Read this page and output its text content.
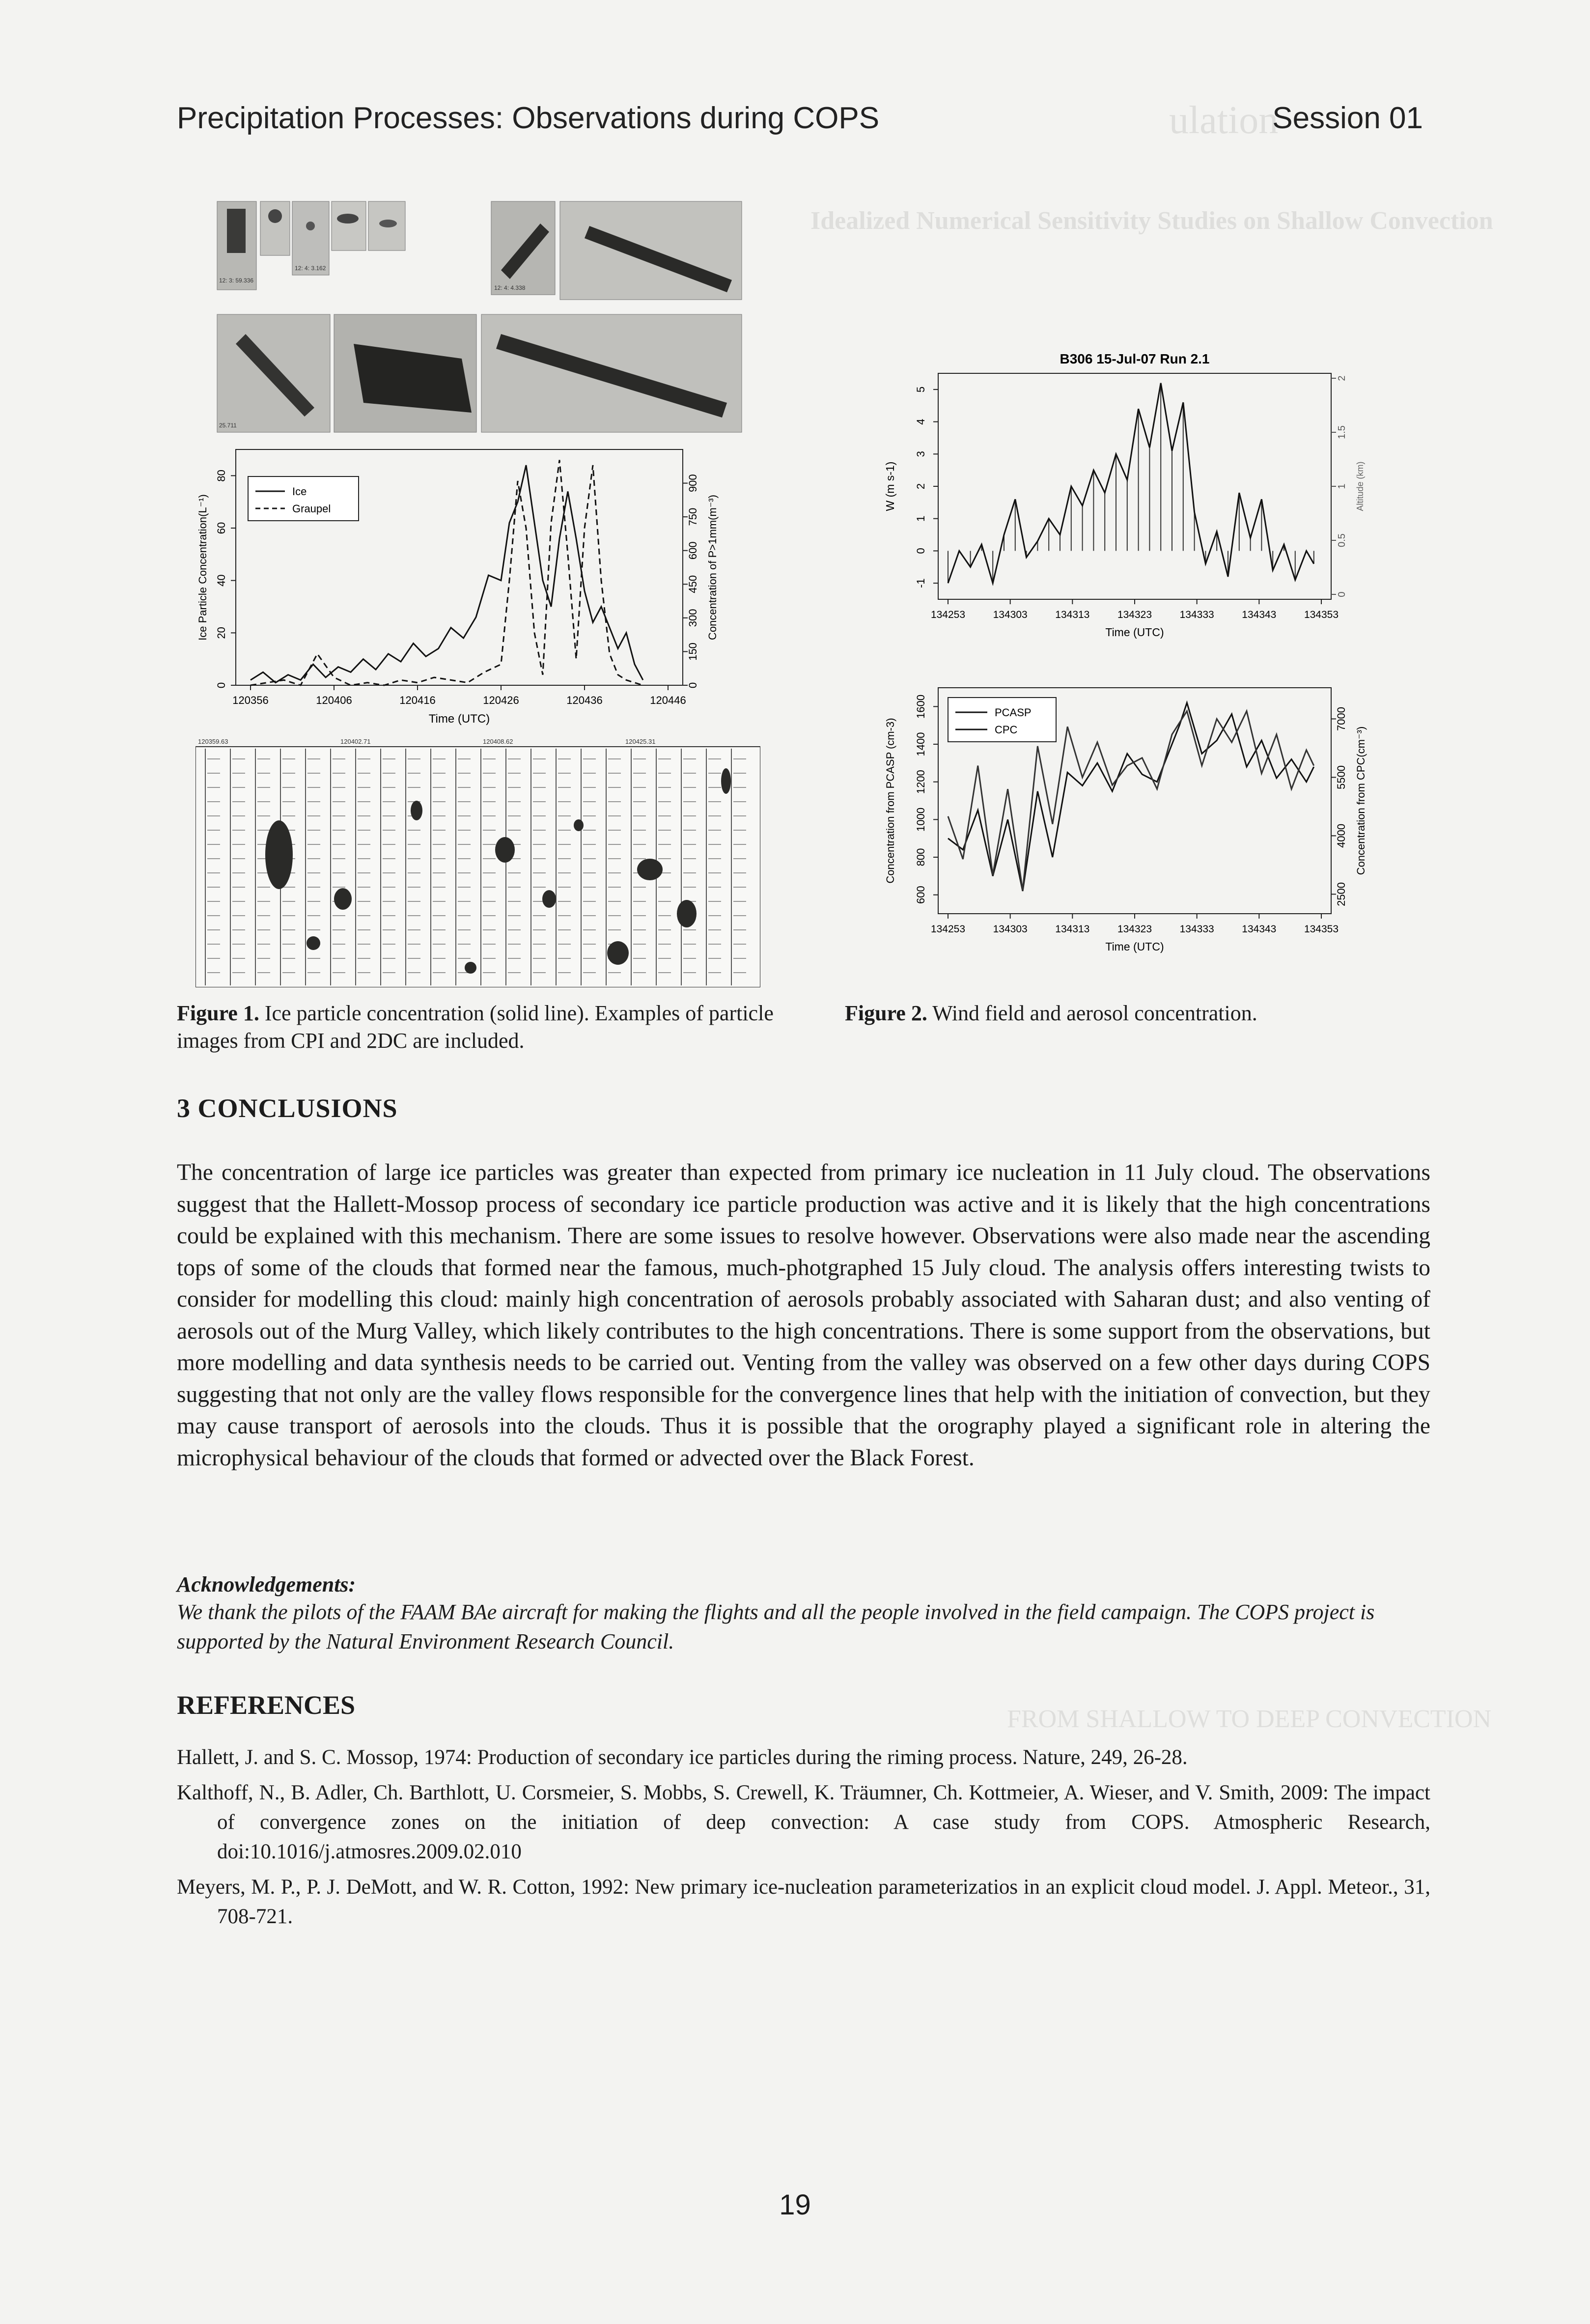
ulation
Idealized Numerical Sensitivity Studies on Shallow Convection
FROM SHALLOW TO DEEP CONVECTION
Precipitation Processes: Observations during COPS	Session 01
12: 3: 59.336
12: 4: 3.162
12: 4: 4.338
25.711
0
20
40
60
80
0
150
300
450
600
750
900
120356	120406	120416	120426	120436	120446
Time (UTC)
Ice Particle Concentration(L⁻¹)	Concentration of P>1mm(m⁻³)
Ice
Graupel
120359.63	120402.71	120408.62	120425.31
Figure 1. Ice particle concentration (solid line). Examples of particle images from CPI and 2DC are included.
B306 15-Jul-07 Run 2.1
-1
0
1
2
3
4
5
0
0.5
1
1.5
2
Altitude (km)
134253	134303	134313	134323	134333	134343	134353
Time (UTC)
W (m s-1)
600
800
1000
1200
1400
1600
2500
4000
5500
7000
Concentration from CPC(cm⁻³)
134253	134303	134313	134323	134333	134343	134353
Time (UTC)
Concentration from PCASP (cm-3)
PCASP
CPC
Figure 2. Wind field and aerosol concentration.
3 CONCLUSIONS
The concentration of large ice particles was greater than expected from primary ice nucleation in 11 July cloud. The observations suggest that the Hallett-Mossop process of secondary ice particle production was active and it is likely that the high concentrations could be explained with this mechanism. There are some issues to resolve however. Observations were also made near the ascending tops of some of the clouds that formed near the famous, much-photgraphed 15 July cloud. The analysis offers interesting twists to consider for modelling this cloud: mainly high concentration of aerosols probably associated with Saharan dust; and also venting of aerosols out of the Murg Valley, which likely contributes to the high concentrations. There is some support from the observations, but more modelling and data synthesis needs to be carried out. Venting from the valley was observed on a few other days during COPS suggesting that not only are the valley flows responsible for the convergence lines that help with the initiation of convection, but they may cause transport of aerosols into the clouds. Thus it is possible that the orography played a significant role in altering the microphysical behaviour of the clouds that formed or advected over the Black Forest.
Acknowledgements:
We thank the pilots of the FAAM BAe aircraft for making the flights and all the people involved in the field campaign. The COPS project is supported by the Natural Environment Research Council.
REFERENCES
Hallett, J. and S. C. Mossop, 1974: Production of secondary ice particles during the riming process. Nature, 249, 26-28.
Kalthoff, N., B. Adler, Ch. Barthlott, U. Corsmeier, S. Mobbs, S. Crewell, K. Träumner, Ch. Kottmeier, A. Wieser, and V. Smith, 2009: The impact of convergence zones on the initiation of deep convection: A case study from COPS. Atmospheric Research, doi:10.1016/j.atmosres.2009.02.010
Meyers, M. P., P. J. DeMott, and W. R. Cotton, 1992: New primary ice-nucleation parameterizatios in an explicit cloud model. J. Appl. Meteor., 31, 708-721.
19
